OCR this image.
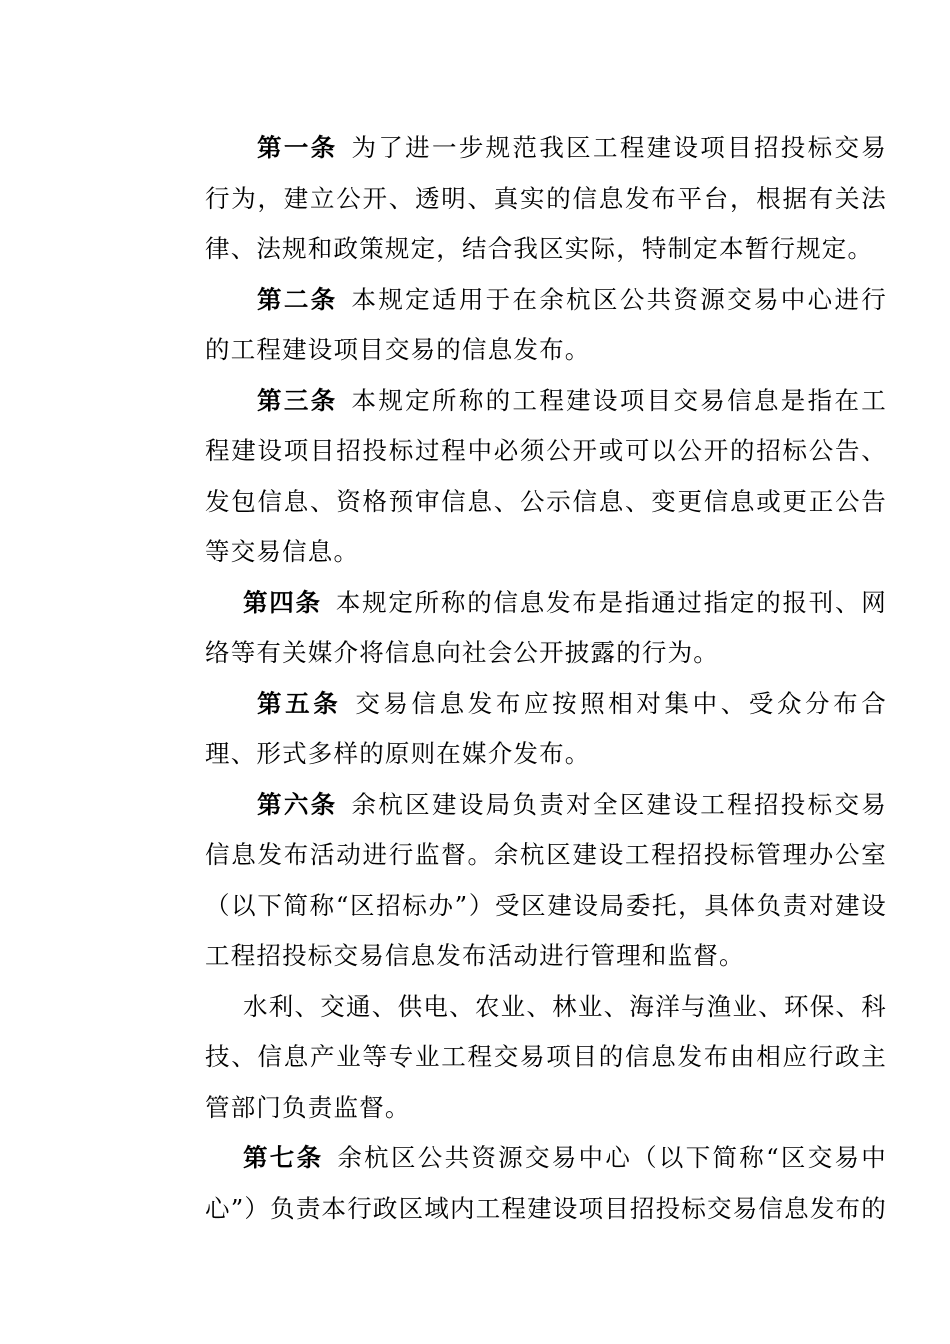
第一条 为了进一步规范我区工程建设项目招投标交易行为，建立公开、透明、真实的信息发布平台，根据有关法律、法规和政策规定，结合我区实际，特制定本暂行规定。

第二条 本规定适用于在余杭区公共资源交易中心进行的工程建设项目交易的信息发布。

第三条 本规定所称的工程建设项目交易信息是指在工程建设项目招投标过程中必须公开或可以公开的招标公告、发包信息、资格预审信息、公示信息、变更信息或更正公告等交易信息。

第四条 本规定所称的信息发布是指通过指定的报刊、网络等有关媒介将信息向社会公开披露的行为。

第五条 交易信息发布应按照相对集中、受众分布合理、形式多样的原则在媒介发布。

第六条 余杭区建设局负责对全区建设工程招投标交易信息发布活动进行监督。余杭区建设工程招投标管理办公室（以下简称“区招标办”）受区建设局委托，具体负责对建设工程招投标交易信息发布活动进行管理和监督。

水利、交通、供电、农业、林业、海洋与渔业、环保、科技、信息产业等专业工程交易项目的信息发布由相应行政主管部门负责监督。

第七条 余杭区公共资源交易中心（以下简称“区交易中心”）负责本行政区域内工程建设项目招投标交易信息发布的
